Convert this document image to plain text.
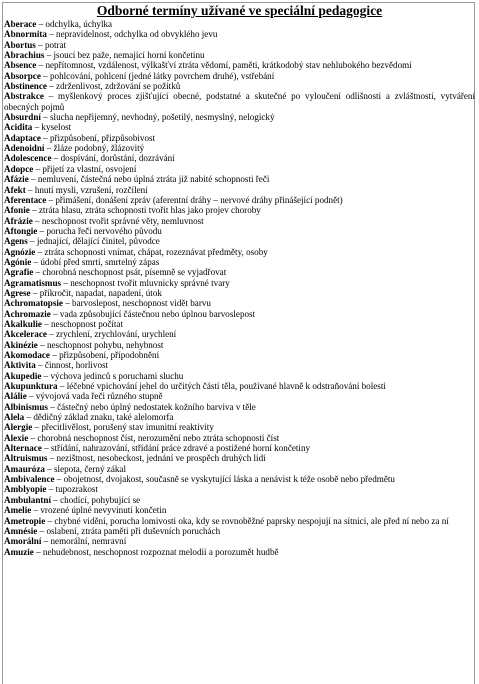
Odborné termíny užívané ve speciální pedagogice

Aberace – odchylka, úchylka

Abnormita – nepravidelnost, odchylka od obvyklého jevu

Abortus – potrat

Abrachius – jsoucí bez paže, nemající horní končetinu

Absence – nepřítomnost, vzdálenost, výlkašťví ztráta vědomí, paměti, krátkodobý stav nehlubokého bezvědomí

Absorpce – pohlcování, pohlcení (jedné látky povrchem druhé), vstřebání

Abstinence – zdrženlivost, zdržování se požitků

Abstrakce – myšlenkový proces zjišťující obecné, podstatné a skutečné po vyloučení odlišností a zvláštností, vytváření obecných pojmů

Absurdní – slucha nepřijemný, nevhodný, pošetilý, nesmyslný, nelogický

Acidita – kyselost

Adaptace – přizpůsobení, přizpůsobivost

Adenoidní – žláze podobný, žlázovitý

Adolescence – dospívání, dorůstání, dozrávání

Adopce – přijetí za vlastní, osvojení

Afázie – nemluvení, částečná nebo úplná ztráta již nabité schopnosti řeči

Afekt – hnutí mysli, vzrušení, rozčílení

Aferentace – přimášení, donášení zpráv (aferentní dráhy – nervové dráhy přinášející podnět)

Afonie – ztráta hlasu, ztráta schopnosti tvořit hlas jako projev choroby

Afrázie – neschopnost tvořit správné věty, nemluvnost

Aftongie – porucha řeči nervového původu

Agens – jednající, dělající činitel, původce

Agnózie – ztráta schopnosti vnímat, chápat, rozeznávat předměty, osoby

Agónie – údobí před smrtí, smrtelný zápas

Agrafie – chorobná neschopnost psát, písemně se vyjadřovat

Agramatismus – neschopnost tvořit mluvnicky správné tvary

Agrese – příkročit, napadat, napadení, útok

Achromatopsie – barvoslepost, neschopnost vidět barvu

Achromazie – vada způsobující částečnou nebo úplnou barvoslepost

Akalkulie – neschopnost počítat

Akcelerace – zrychlení, zrychlování, urychlení

Akinézie – neschopnost pohybu, nehybnost

Akomodace – přizpůsobení, přípodobnění

Aktivita – činnost, horlivost

Akupedie – výchova jedinců s poruchami sluchu

Akupunktura – léčebné vpichování jehel do určitých částí těla, používané hlavně k odstraňování bolesti

Alálie – vývojová vada řeči různého stupně

Albinismus – částečný nebo úplný nedostatek kožního barviva v těle

Alela – dědičný základ znaku, také alelomorfa

Alergie – přecitlivělost, porušený stav imunitní reaktivity

Alexie – chorobná neschopnost číst, nerozumění nebo ztráta schopnosti číst

Alternace – střídání, nahrazování, střídání práce zdravé a postižené horní končetiny

Altruismus – nezištnost, nesobeckost, jednání ve prospěch druhých lidí

Amauróza – slepota, černý zákal

Ambivalence – obojetnost, dvojakost, současně se vyskytující láska a nenávist k téže osobě nebo předmětu

Amblyopie – tupozrakost

Ambulantní – chodící, pohybující se

Amelie – vrozené úplné nevyvinutí končetin

Ametropie – chybné vidění, porucha lomivosti oka, kdy se rovnoběžné paprsky nespojují na sítnici, ale před ní nebo za ní

Amnésie – oslabení, ztráta paměti při duševních poruchách

Amorální – nemorální, nemravní

Amuzie – nehudebnost, neschopnost rozpoznat melodii a porozumět hudbě
